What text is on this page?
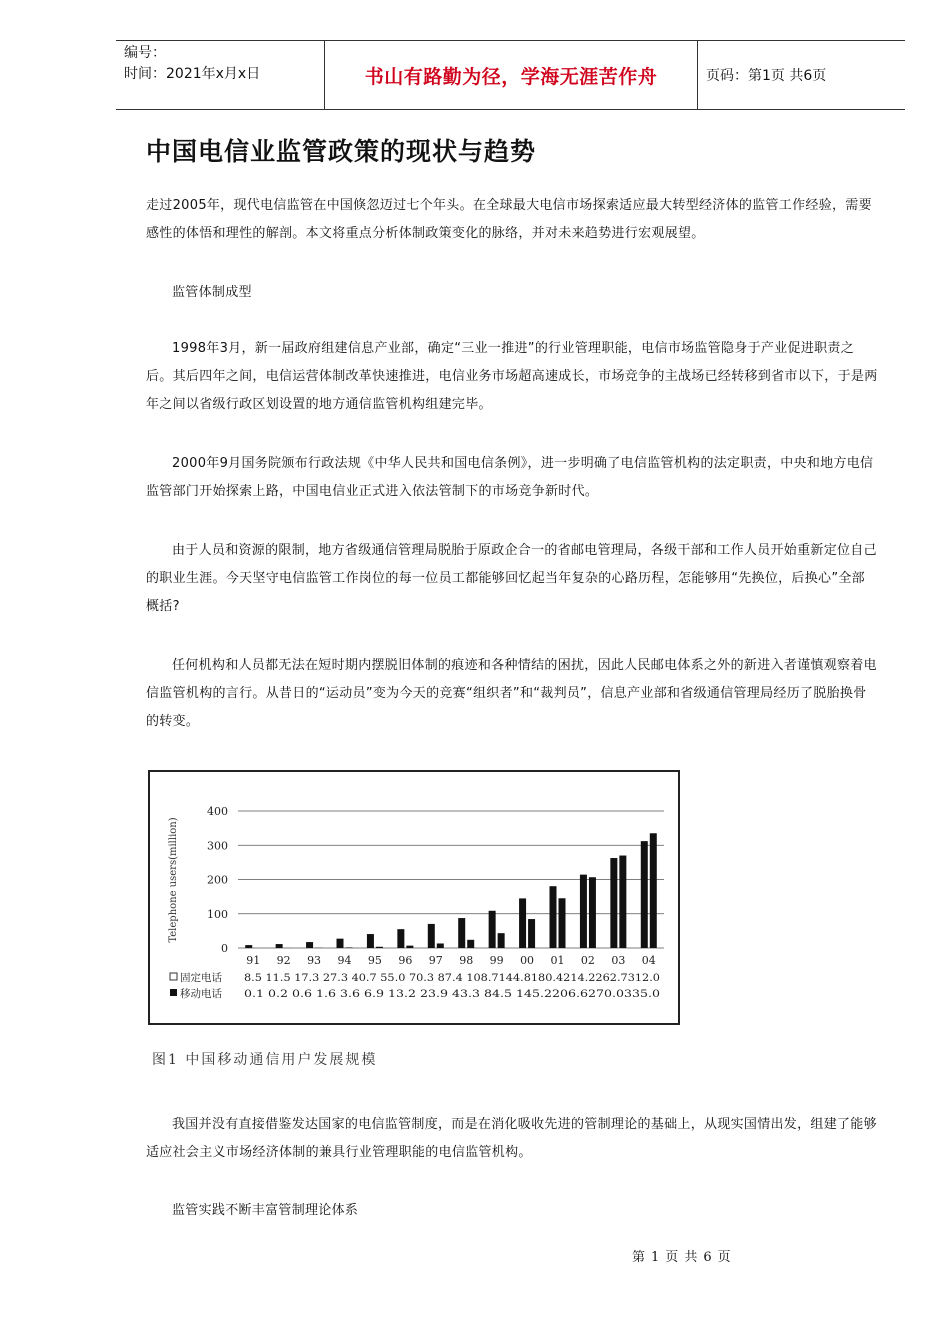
编号：
时间：2021年x月x日	书山有路勤为径，学海无涯苦作舟	页码：第1页 共6页
中国电信业监管政策的现状与趋势
走过2005年，现代电信监管在中国倏忽迈过七个年头。在全球最大电信市场探索适应最大转型经济体的监管工作经验，需要感性的体悟和理性的解剖。本文将重点分析体制政策变化的脉络，并对未来趋势进行宏观展望。
监管体制成型
1998年3月，新一届政府组建信息产业部，确定“三业一推进”的行业管理职能，电信市场监管隐身于产业促进职责之后。其后四年之间，电信运营体制改革快速推进，电信业务市场超高速成长，市场竞争的主战场已经转移到省市以下，于是两年之间以省级行政区划设置的地方通信监管机构组建完毕。
2000年9月国务院颁布行政法规《中华人民共和国电信条例》，进一步明确了电信监管机构的法定职责，中央和地方电信监管部门开始探索上路，中国电信业正式进入依法管制下的市场竞争新时代。
由于人员和资源的限制，地方省级通信管理局脱胎于原政企合一的省邮电管理局，各级干部和工作人员开始重新定位自己的职业生涯。今天坚守电信监管工作岗位的每一位员工都能够回忆起当年复杂的心路历程，怎能够用“先换位，后换心”全部概括?
任何机构和人员都无法在短时期内摆脱旧体制的痕迹和各种情结的困扰，因此人民邮电体系之外的新进入者谨慎观察着电信监管机构的言行。从昔日的“运动员”变为今天的竞赛“组织者”和“裁判员”，信息产业部和省级通信管理局经历了脱胎换骨的转变。
Telephone users(million)
400
300
200
100
0
91 92 93 94 95 96 97 98 99 00 01 02 03 04
固定电话 8.5 11.5 17.3 27.3 40.7 55.0 70.3 87.4 108.7144.8180.4214.2262.7312.0
移动电话 0.1 0.2 0.6 1.6 3.6 6.9 13.2 23.9 43.3 84.5 145.2206.6270.0335.0
图1 中国移动通信用户发展规模
我国并没有直接借鉴发达国家的电信监管制度，而是在消化吸收先进的管制理论的基础上，从现实国情出发，组建了能够适应社会主义市场经济体制的兼具行业管理职能的电信监管机构。
监管实践不断丰富管制理论体系
第 1 页 共 6 页
